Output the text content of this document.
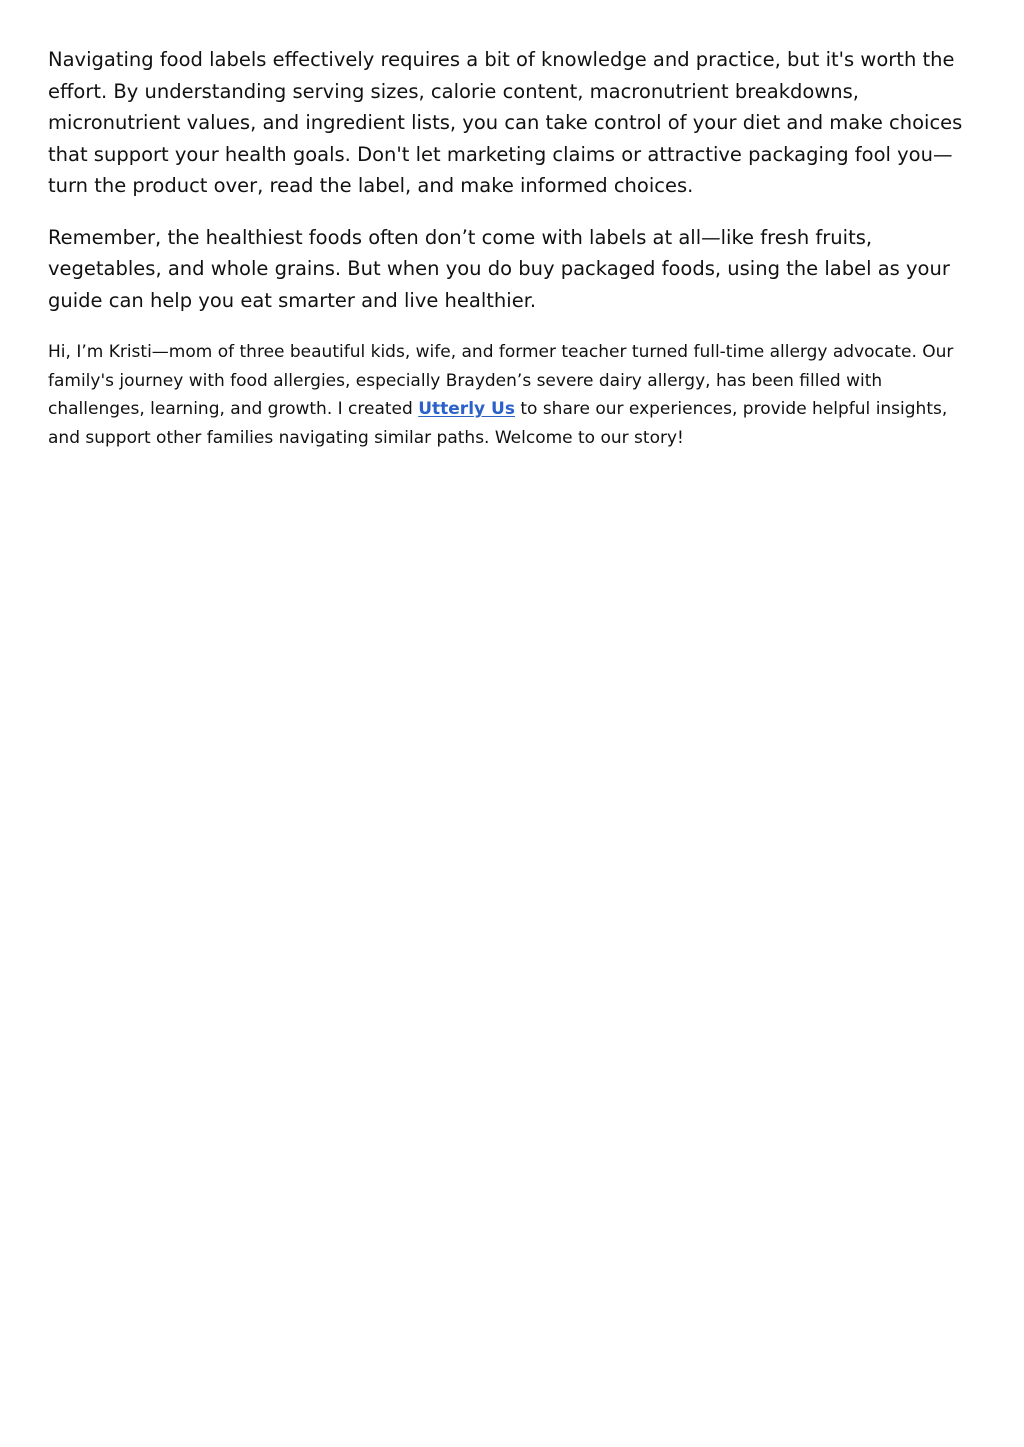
Navigating food labels effectively requires a bit of knowledge and practice, but it's worth the effort. By understanding serving sizes, calorie content, macronutrient breakdowns, micronutrient values, and ingredient lists, you can take control of your diet and make choices that support your health goals. Don't let marketing claims or attractive packaging fool you—turn the product over, read the label, and make informed choices.

Remember, the healthiest foods often don’t come with labels at all—like fresh fruits, vegetables, and whole grains. But when you do buy packaged foods, using the label as your guide can help you eat smarter and live healthier.

Hi, I’m Kristi—mom of three beautiful kids, wife, and former teacher turned full-time allergy advocate. Our family's journey with food allergies, especially Brayden’s severe dairy allergy, has been filled with challenges, learning, and growth. I created Utterly Us to share our experiences, provide helpful insights, and support other families navigating similar paths. Welcome to our story!
